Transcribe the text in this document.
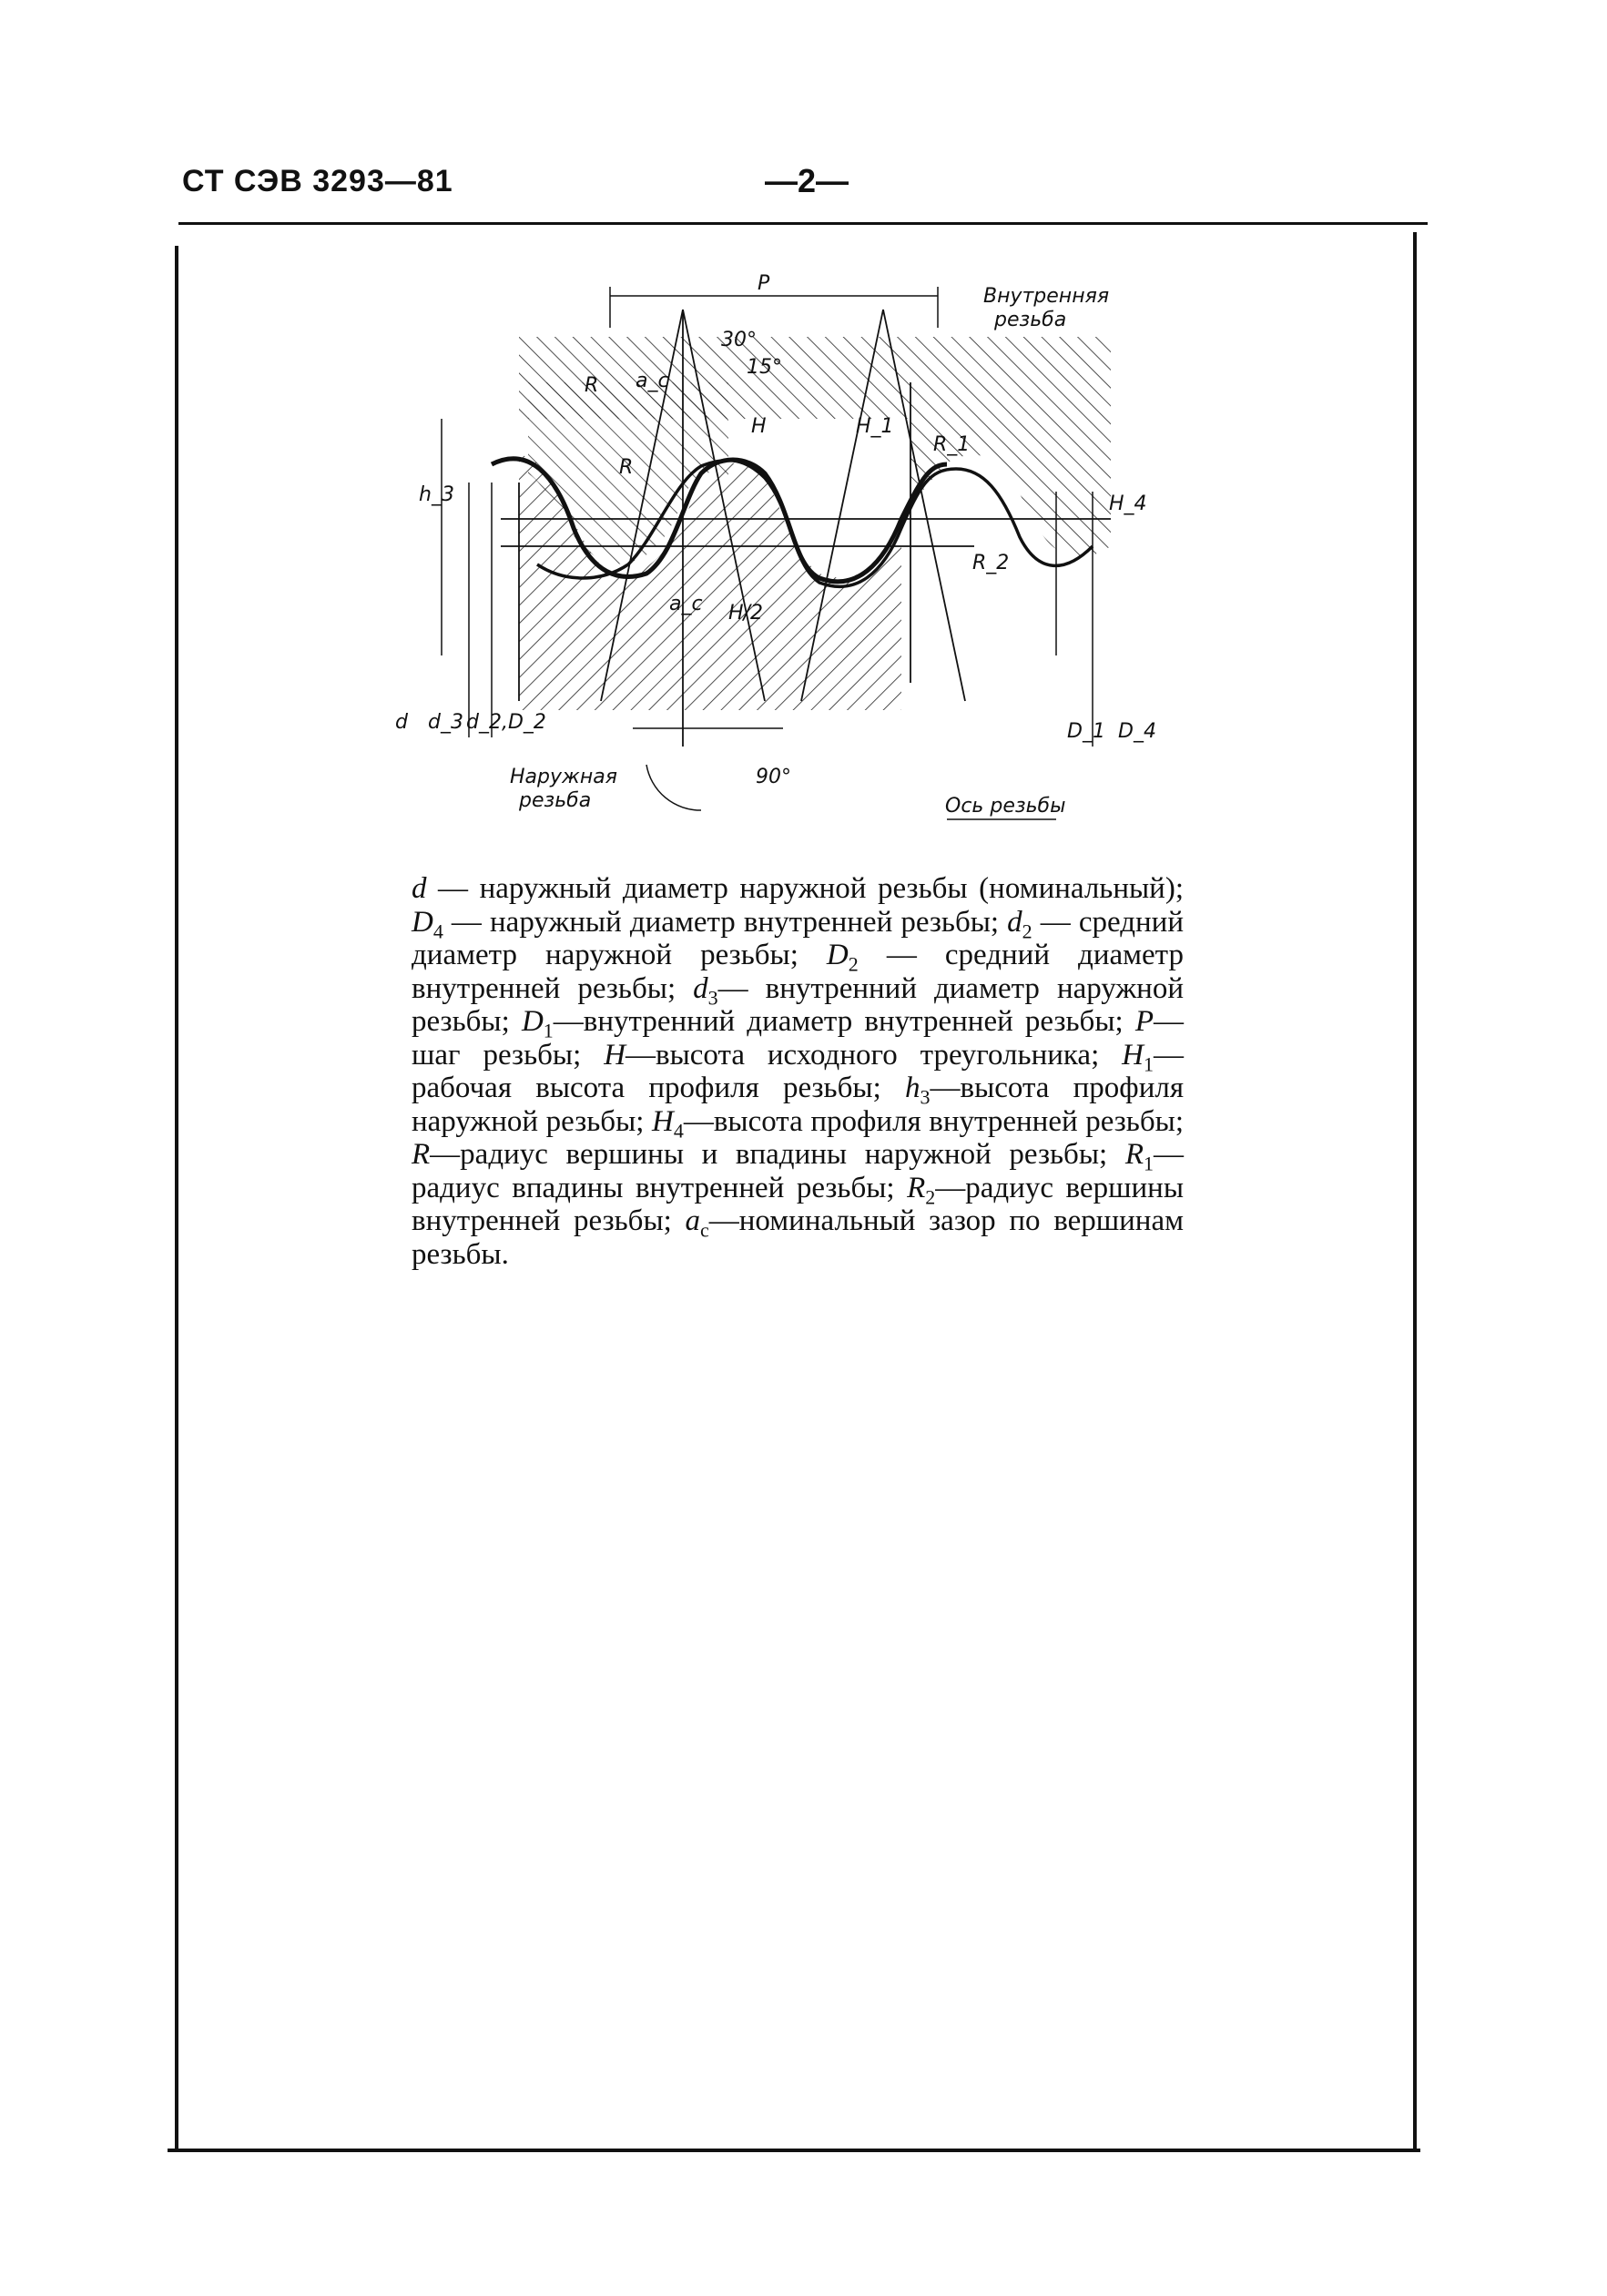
СТ СЭВ 3293—81	—2—
P
Внутренняя
резьба
30°
15°
a_c
R
H	H_1
R_1
R
h_3	H_4
R_2
a_c H/2
d d_3 d_2,D_2	D_1 D_4
Наружная
резьба
90°
Ось резьбы
d — наружный диаметр наружной резьбы (номинальный); $D_4$ — наружный диаметр внутренней резьбы; $d_2$ — средний диаметр наружной резьбы; $D_2$ — средний диаметр внутренней резьбы; $d_3—$ внутренний диаметр наружной резьбы; $D_1—внутренний$ диаметр внутренней резьбы; P—шаг резьбы; H—высота исходного треугольника; $H_1—рабочая$ высота профиля резьбы; $h_3—высота$ профиля наружной резьбы; $H_4—высота$ профиля внутренней резьбы; R—радиус вершины и впадины наружной резьбы; $R_1—радиус$ впадины внутренней резьбы; $R_2—радиус$ вершины внутренней резьбы; $a_c—номинальный$ зазор по вершинам резьбы.
